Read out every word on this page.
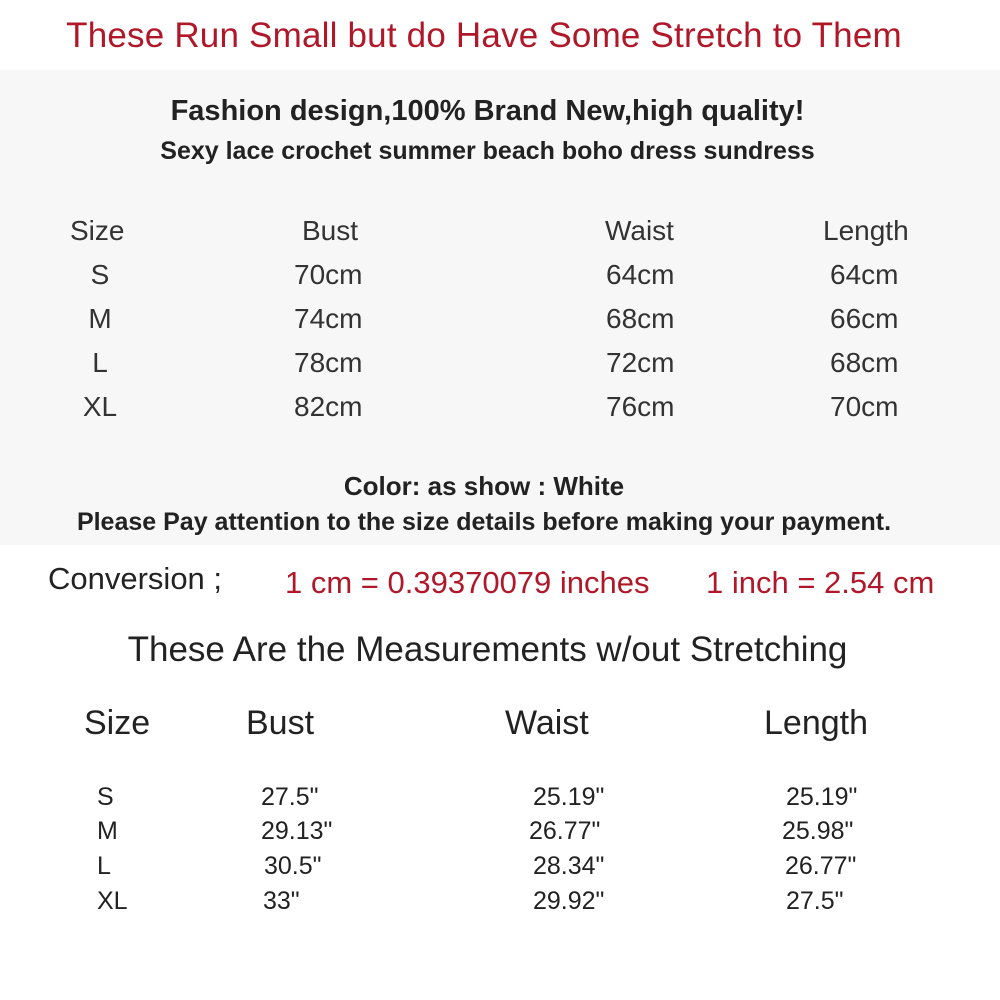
These Run Small but do Have Some Stretch to Them
Fashion design,100% Brand New,high quality!
Sexy lace crochet summer beach boho dress sundress
Size	Bust	Waist	Length
S	70cm	64cm	64cm
M	74cm	68cm	66cm
L	78cm	72cm	68cm
XL	82cm	76cm	70cm
Color: as show : White
Please Pay attention to the size details before making your payment.
Conversion ; 1 cm = 0.39370079 inches 1 inch = 2.54 cm
These Are the Measurements w/out Stretching
Size	Bust	Waist	Length
S	27.5"	25.19"	25.19"
M	29.13"	26.77"	25.98"
L	30.5"	28.34"	26.77"
XL	33"	29.92"	27.5"
